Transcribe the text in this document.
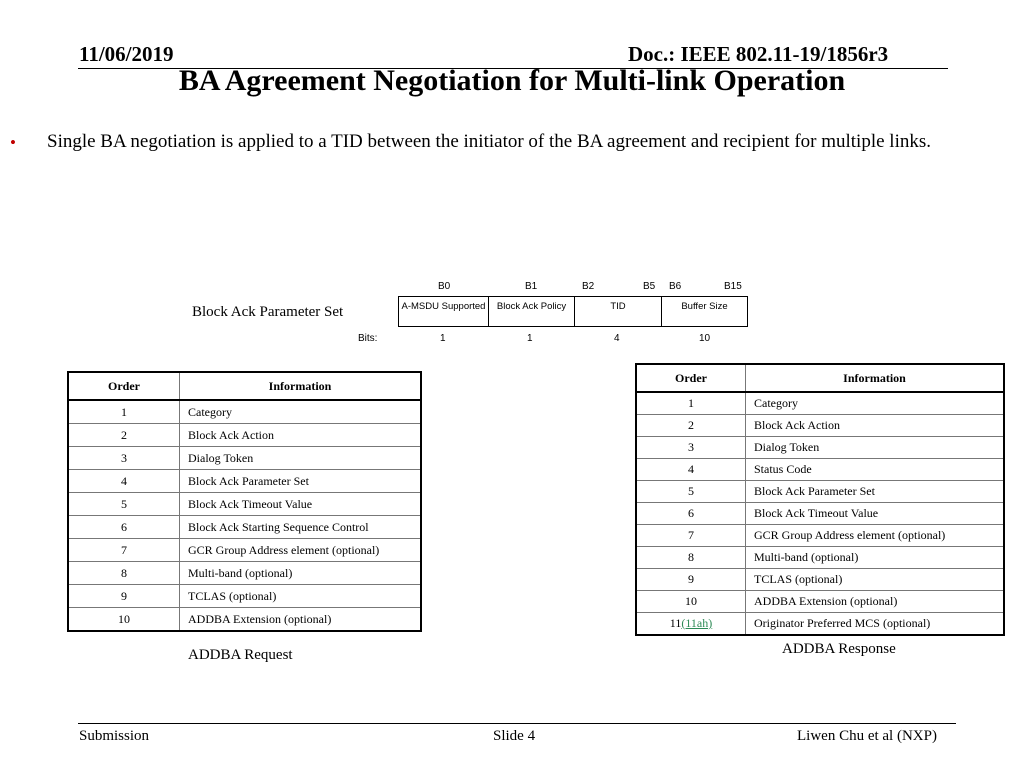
11/06/2019	Doc.: IEEE 802.11-19/1856r3
BA Agreement Negotiation for Multi-link Operation
• Single BA negotiation is applied to a TID between the initiator of the BA agreement and recipient for multiple links.
Block Ack Parameter Set
B0	B1	B2	B5 B6	B15
A-MSDU Supported	Block Ack Policy	TID	Buffer Size
Bits:	1	1	4	10
Order	Information
1	Category
2	Block Ack Action
3	Dialog Token
4	Block Ack Parameter Set
5	Block Ack Timeout Value
6	Block Ack Starting Sequence Control
7	GCR Group Address element (optional)
8	Multi-band (optional)
9	TCLAS (optional)
10	ADDBA Extension (optional)
ADDBA Request
Order	Information
1	Category
2	Block Ack Action
3	Dialog Token
4	Status Code
5	Block Ack Parameter Set
6	Block Ack Timeout Value
7	GCR Group Address element (optional)
8	Multi-band (optional)
9	TCLAS (optional)
10	ADDBA Extension (optional)
11(11ah)	Originator Preferred MCS (optional)
ADDBA Response
Submission	Slide 4	Liwen Chu et al (NXP)
